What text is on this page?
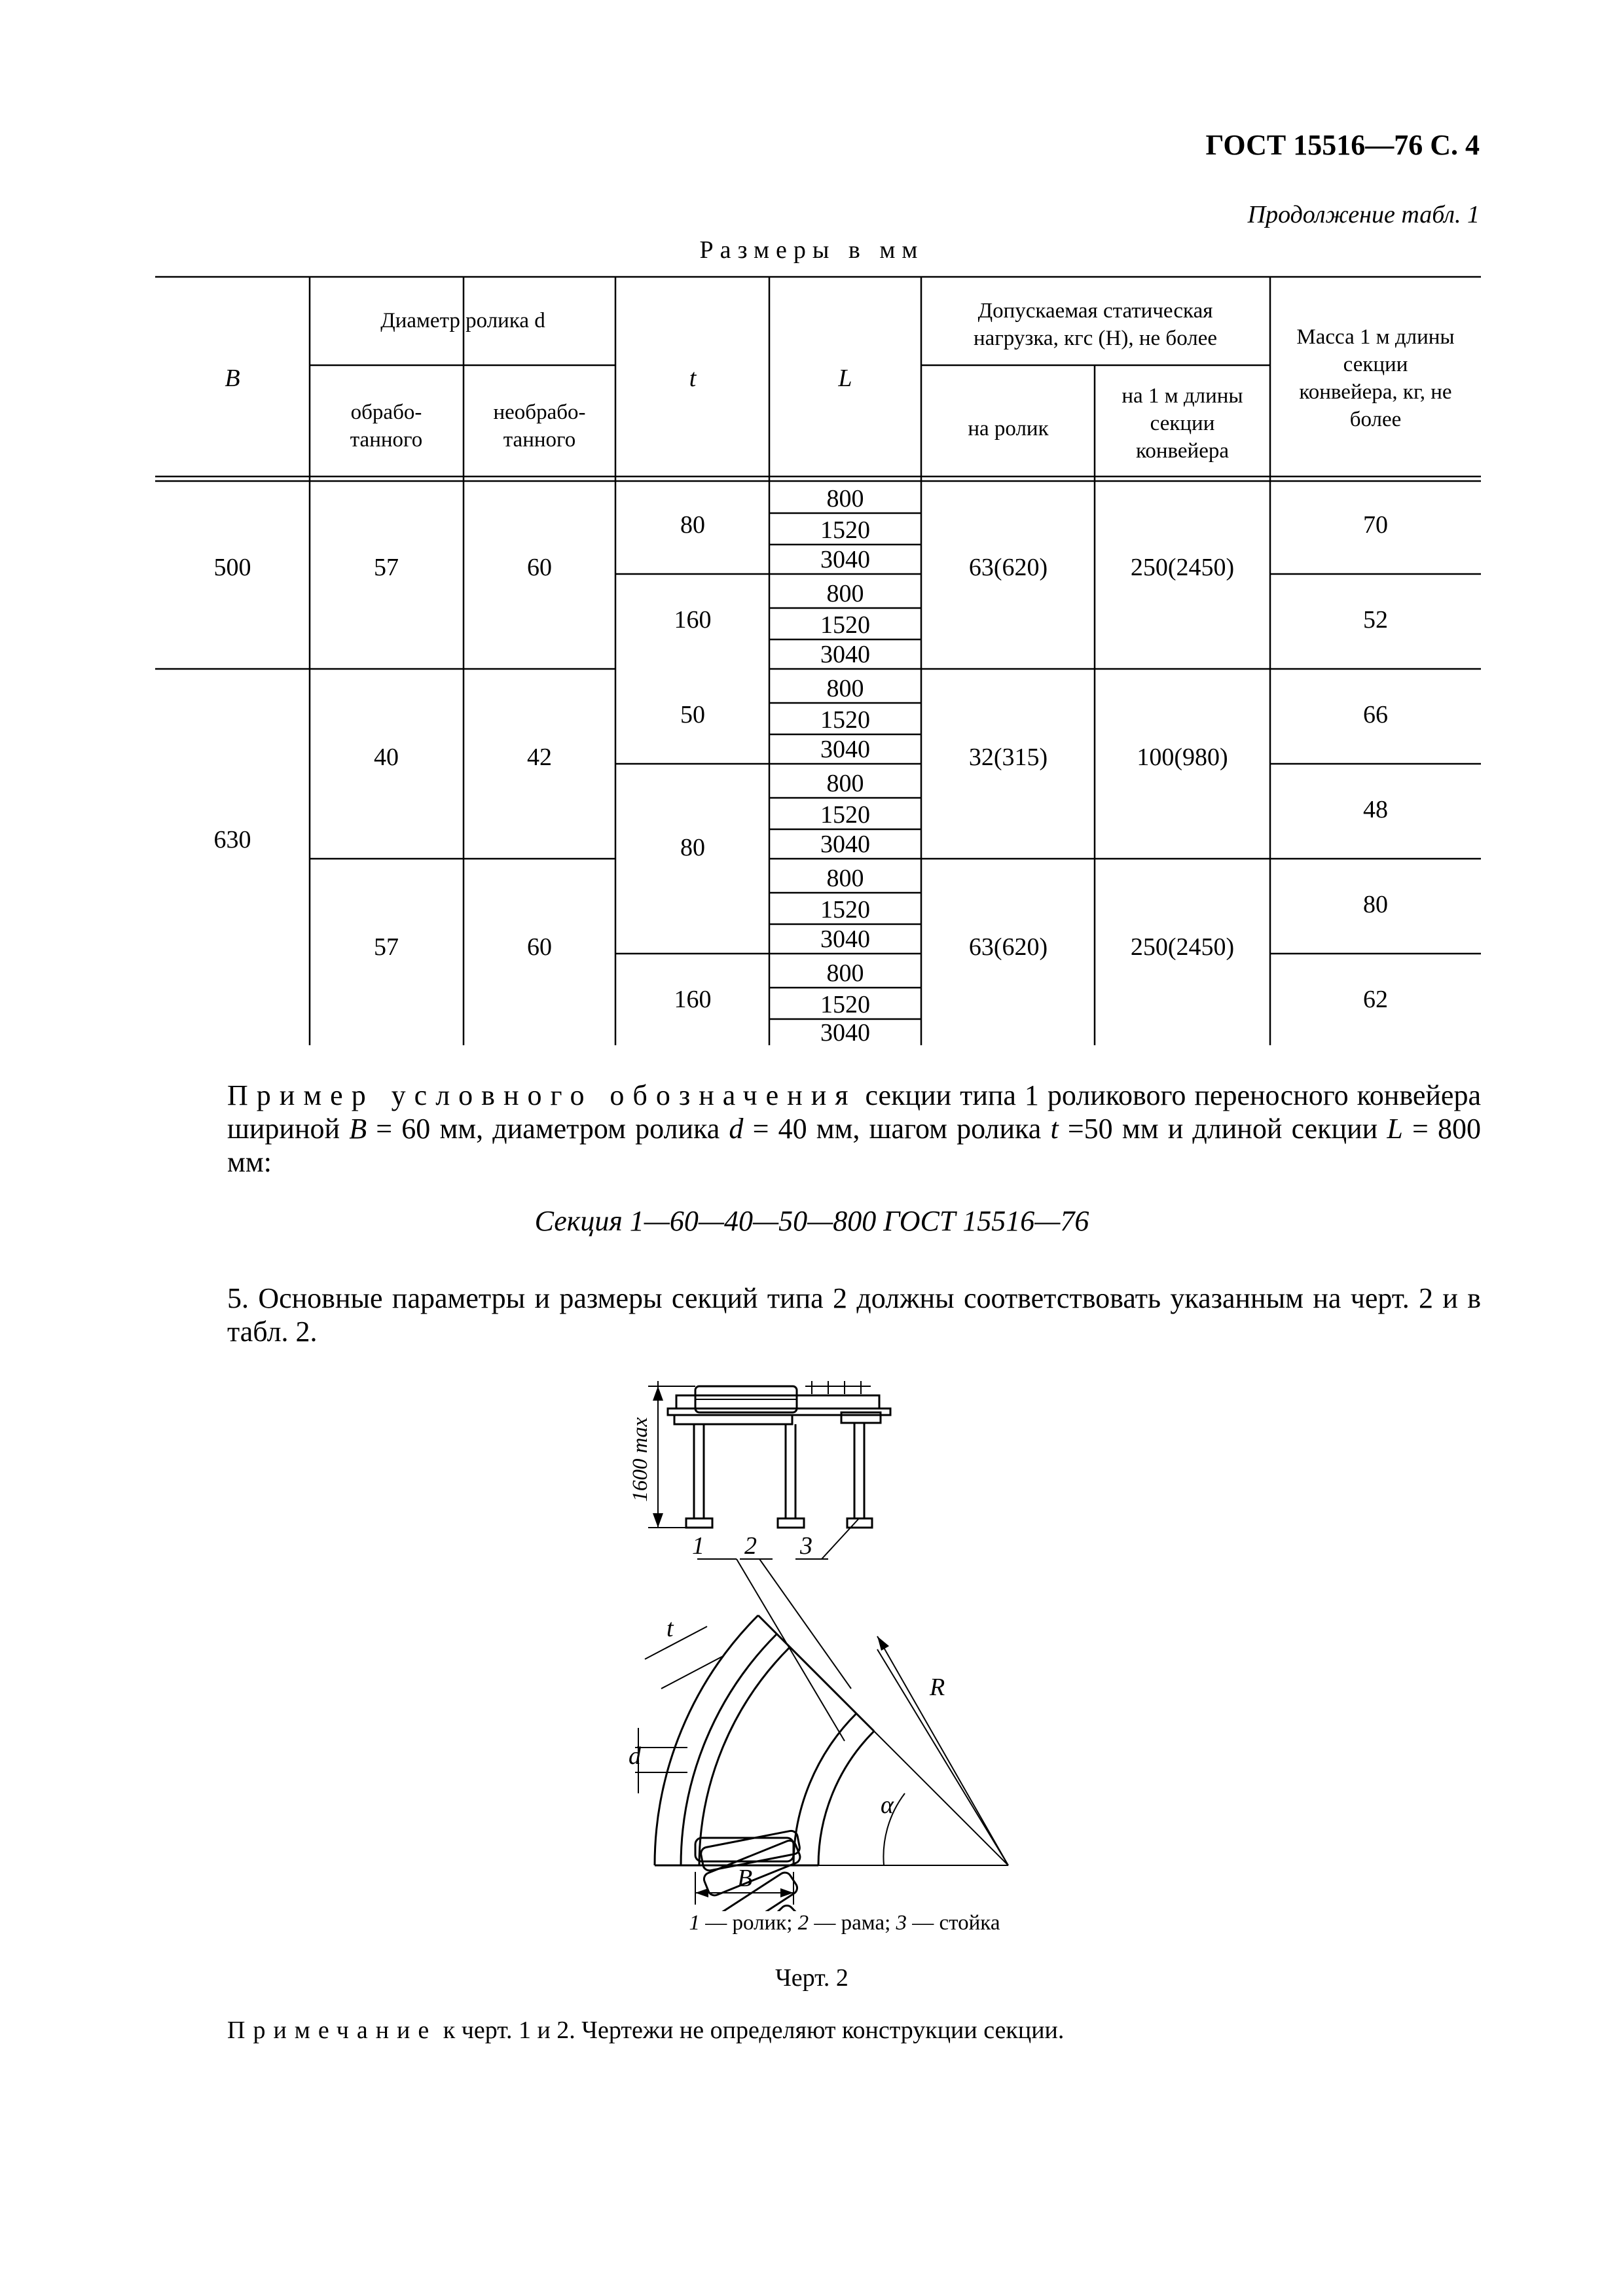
ГОСТ 15516—76 С. 4
Продолжение табл. 1
Размеры в мм
B
Диаметр ролика d
обрабо-
танного
необрабо-
танного
t	L
Допускаемая статическая
нагрузка, кгс (Н), не более
на ролик
на 1 м длины
секции
конвейера
Масса 1 м длины
секции
конвейера, кг, не
более
500
630
57
40
57
60
42
60
80
160
50
80
160
800
1520
3040
800
1520
3040
800
1520
3040
800
1520
3040
800
1520
3040
800
1520
3040
63(620)
32(315)
63(620)
250(2450)
100(980)
250(2450)
70
52
66
48
80
62
Пример условного обозначения секции типа 1 роликового переносного конвейера шириной B = 60 мм, диаметром ролика d = 40 мм, шагом ролика t =50 мм и длиной секции L = 800 мм:
Секция 1—60—40—50—800 ГОСТ 15516—76
5. Основные параметры и размеры секций типа 2 должны соответствовать указанным на черт. 2 и в табл. 2.
1600 max
1 2 3
t
d
R
α
B
1 — ролик; 2 — рама; 3 — стойка
Черт. 2
Примечание к черт. 1 и 2. Чертежи не определяют конструкции секции.
